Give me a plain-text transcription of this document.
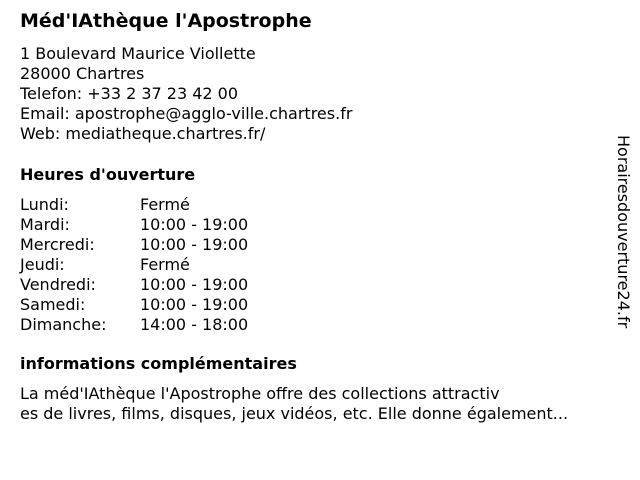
Méd'IAthèque l'Apostrophe
1 Boulevard Maurice Viollette
28000 Chartres
Telefon: +33 2 37 23 42 00
Email: apostrophe@agglo-ville.chartres.fr
Web: mediatheque.chartres.fr/
Heures d'ouverture
Lundi:	Fermé
Mardi:	10:00 - 19:00
Mercredi:	10:00 - 19:00
Jeudi:	Fermé
Vendredi:	10:00 - 19:00
Samedi:	10:00 - 19:00
Dimanche: 14:00 - 18:00
informations complémentaires
La méd'IAthèque l'Apostrophe offre des collections attractiv
es de livres, films, disques, jeux vidéos, etc. Elle donne également...
Horairesdouverture24.fr
